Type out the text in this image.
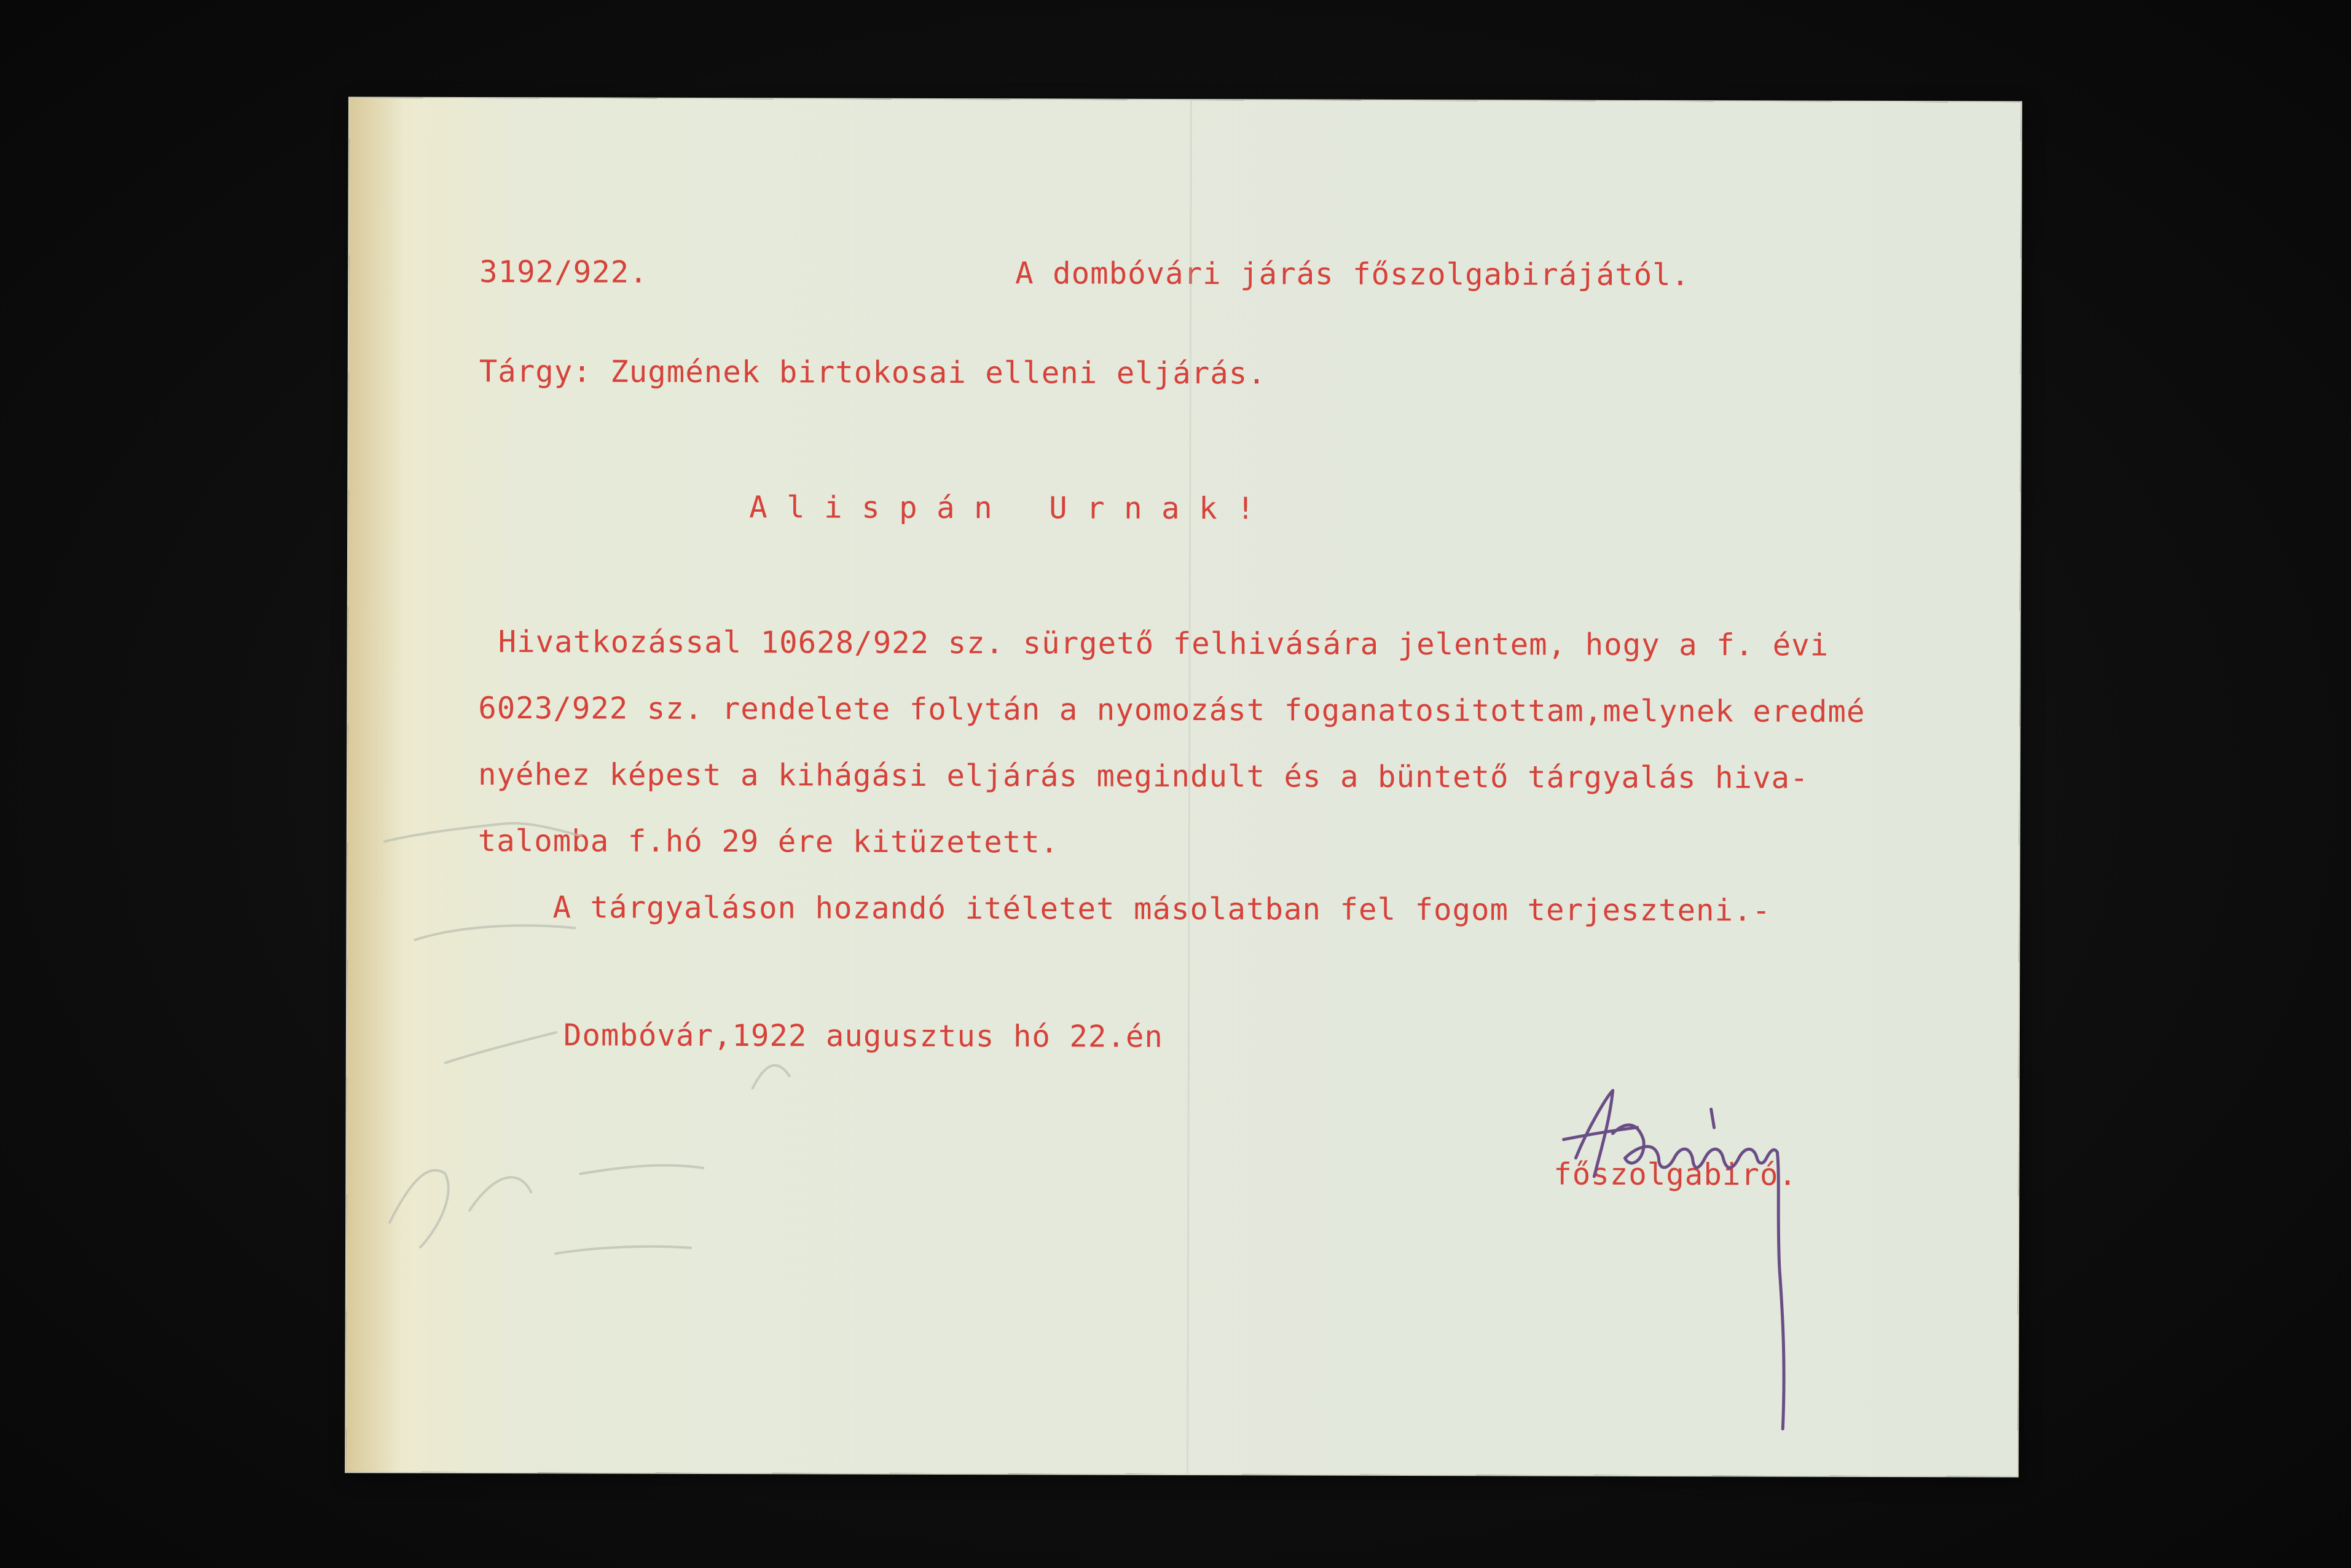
3192/922.	A dombóvári járás főszolgabirájától.
Tárgy: Zugmének birtokosai elleni eljárás.
A l i s p á n   U r n a k !
Hivatkozással 10628/922 sz. sürgető felhivására jelentem, hogy a f. évi
6023/922 sz. rendelete folytán a nyomozást foganatositottam,melynek eredmé
nyéhez képest a kihágási eljárás megindult és a büntető tárgyalás hiva-
talomba f.hó 29 ére kitüzetett.
A tárgyaláson hozandó itéletet másolatban fel fogom terjeszteni.-
Dombóvár,1922 augusztus hó 22.én
főszolgabiró.
